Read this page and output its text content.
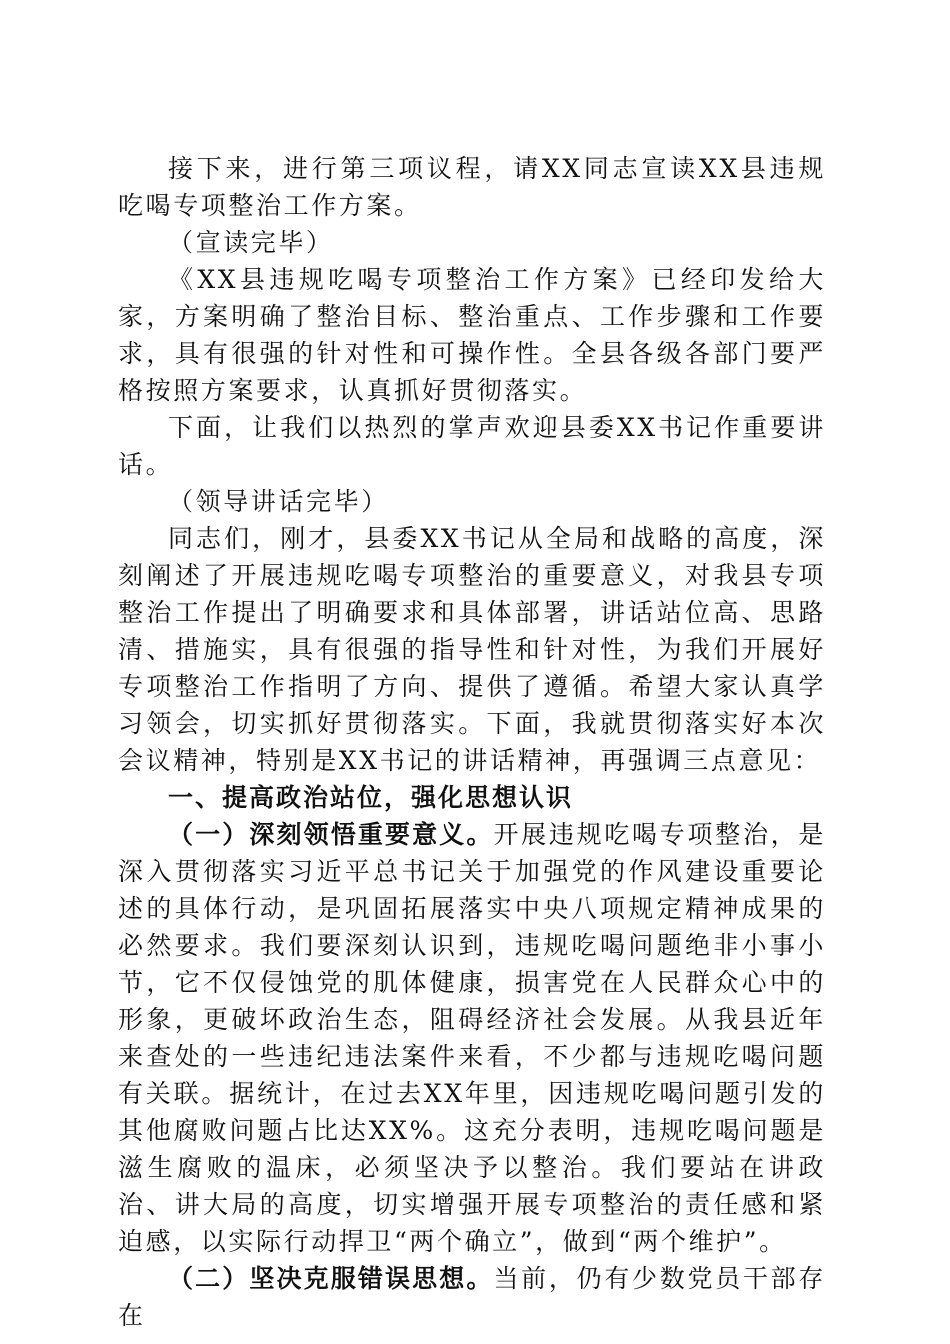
接下来，进行第三项议程，请XX同志宣读XX县违规吃喝专项整治工作方案。

（宣读完毕）

《XX县违规吃喝专项整治工作方案》已经印发给大家，方案明确了整治目标、整治重点、工作步骤和工作要求，具有很强的针对性和可操作性。全县各级各部门要严格按照方案要求，认真抓好贯彻落实。

下面，让我们以热烈的掌声欢迎县委XX书记作重要讲话。

（领导讲话完毕）

同志们，刚才，县委XX书记从全局和战略的高度，深刻阐述了开展违规吃喝专项整治的重要意义，对我县专项整治工作提出了明确要求和具体部署，讲话站位高、思路清、措施实，具有很强的指导性和针对性，为我们开展好专项整治工作指明了方向、提供了遵循。希望大家认真学习领会，切实抓好贯彻落实。下面，我就贯彻落实好本次会议精神，特别是XX书记的讲话精神，再强调三点意见：

一、提高政治站位，强化思想认识

（一）深刻领悟重要意义。开展违规吃喝专项整治，是深入贯彻落实习近平总书记关于加强党的作风建设重要论述的具体行动，是巩固拓展落实中央八项规定精神成果的必然要求。我们要深刻认识到，违规吃喝问题绝非小事小节，它不仅侵蚀党的肌体健康，损害党在人民群众心中的形象，更破坏政治生态，阻碍经济社会发展。从我县近年来查处的一些违纪违法案件来看，不少都与违规吃喝问题有关联。据统计，在过去XX年里，因违规吃喝问题引发的其他腐败问题占比达XX%。这充分表明，违规吃喝问题是滋生腐败的温床，必须坚决予以整治。我们要站在讲政治、讲大局的高度，切实增强开展专项整治的责任感和紧迫感，以实际行动捍卫“两个确立”，做到“两个维护”。

（二）坚决克服错误思想。当前，仍有少数党员干部存在
